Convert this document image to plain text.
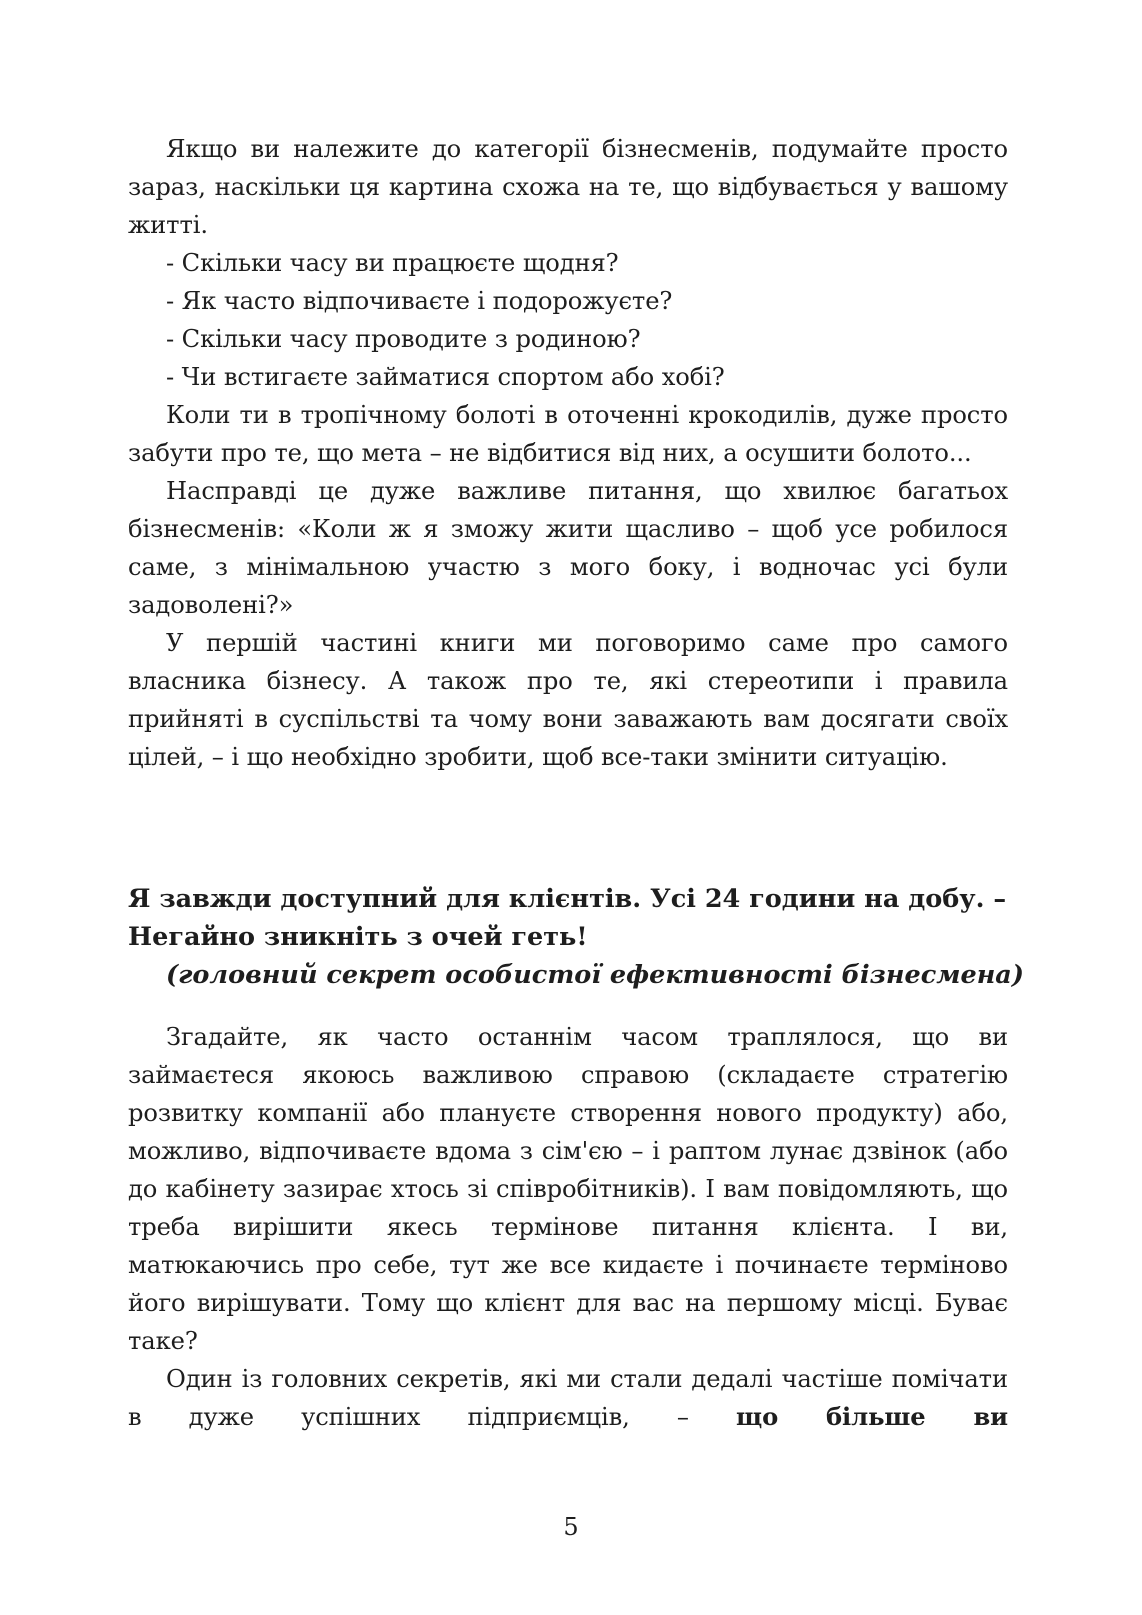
Якщо ви належите до категорії бізнесменів, подумайте просто зараз, наскільки ця картина схожа на те, що відбувається у вашому житті.

- Скільки часу ви працюєте щодня?

- Як часто відпочиваєте і подорожуєте?

- Скільки часу проводите з родиною?

- Чи встигаєте займатися спортом або хобі?

Коли ти в тропічному болоті в оточенні крокодилів, дуже просто забути про те, що мета – не відбитися від них, а осушити болото...

Насправді це дуже важливе питання, що хвилює багатьох бізнесменів: «Коли ж я зможу жити щасливо – щоб усе робилося саме, з мінімальною участю з мого боку, і водночас усі були задоволені?»

У першій частині книги ми поговоримо саме про самого власника бізнесу. А також про те, які стереотипи і правила прийняті в суспільстві та чому вони заважають вам досягати своїх цілей, – і що необхідно зробити, щоб все-таки змінити ситуацію.

Я завжди доступний для клієнтів. Усі 24 години на добу. –
Негайно зникніть з очей геть!
(головний секрет особистої ефективності бізнесмена)

Згадайте, як часто останнім часом траплялося, що ви займаєтеся якоюсь важливою справою (складаєте стратегію розвитку компанії або плануєте створення нового продукту) або, можливо, відпочиваєте вдома з сім'єю – і раптом лунає дзвінок (або до кабінету зазирає хтось зі співробітників). І вам повідомляють, що треба вирішити якесь термінове питання клієнта. І ви, матюкаючись про себе, тут же все кидаєте і починаєте терміново його вирішувати. Тому що клієнт для вас на першому місці. Буває таке?

Один із головних секретів, які ми стали дедалі частіше помічати в дуже успішних підприємців, – що більше ви

5
